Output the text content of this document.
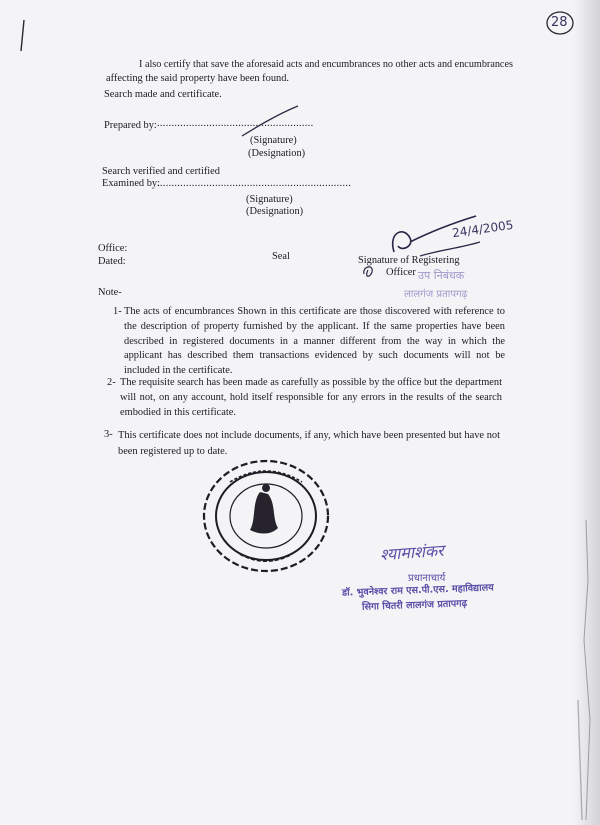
28
I also certify that save the aforesaid acts and encumbrances no other acts and encumbrances
affecting the said property have been found.
Search made and certificate.
Prepared by: ......................................................
(Signature)
(Designation)
Search verified and certified
Examined by:
...................................................................
(Signature)
(Designation)
Office:
Dated:	Seal
24/4/2005
Signature of Registering
Officer उप निबंधक
लालगंज प्रतापगढ़
Note-
1- The acts of encumbrances Shown in this certificate are those discovered with reference to the description of property furnished by the applicant. If the same properties have been described in registered documents in a manner different from the way in which the applicant has described them transactions evidenced by such documents will not be included in the certificate.
2- The requisite search has been made as carefully as possible by the office but the department will not, on any account, hold itself responsible for any errors in the results of the search embodied in this certificate.
3- This certificate does not include documents, if any, which have been presented but have not been registered up to date.
श्यामाशंकर
प्रधानाचार्य
डॉ. भुवनेश्वर राम एस.पी.एस. महाविद्यालय
सिगा चितरी लालगंज प्रतापगढ़
